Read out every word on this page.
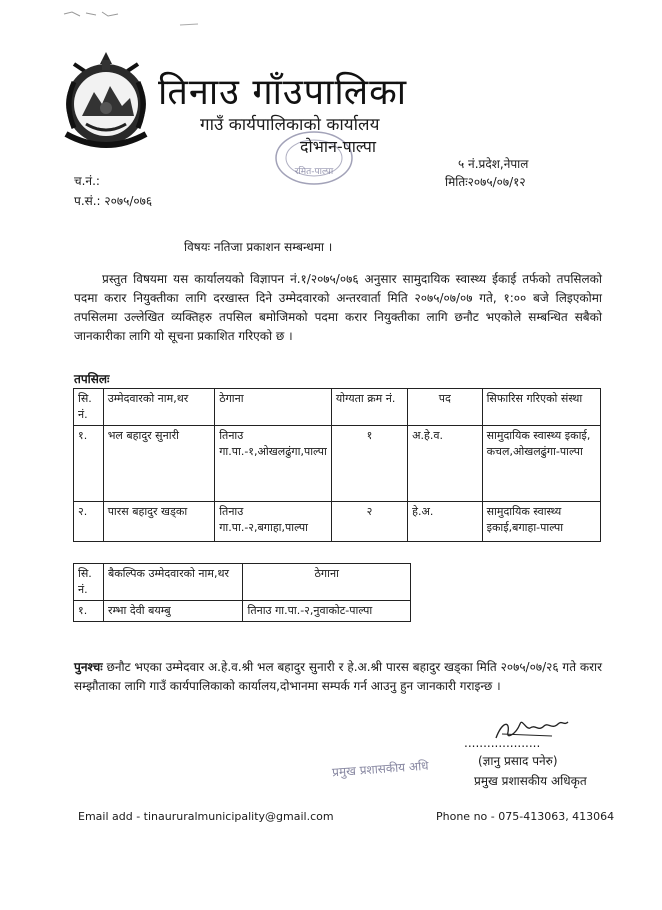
तिनाउ गाँउपालिका
गाउँ कार्यपालिकाको कार्यालय
रमित-पाल्पा
दोभान-पाल्पा
५ नं.प्रदेश,नेपाल
मितिः२०७५/०७/१२
च.नं.:
प.सं.: २०७५/०७६
विषयः नतिजा प्रकाशन सम्बन्धमा ।
प्रस्तुत विषयमा यस कार्यालयको विज्ञापन नं.१/२०७५/०७६ अनुसार सामुदायिक स्वास्थ्य ईकाई तर्फको तपसिलको पदमा करार नियुक्तीका लागि दरखास्त दिने उम्मेदवारको अन्तरवार्ता मिति २०७५/०७/०७ गते, १:०० बजे लिइएकोमा तपसिलमा उल्लेखित व्यक्तिहरु तपसिल बमोजिमको पदमा करार नियुक्तीका लागि छनौट भएकोले सम्बन्धित सबैको जानकारीका लागि यो सूचना प्रकाशित गरिएको छ ।
तपसिलः
सि. नं.	उम्मेदवारको नाम,थर	ठेगाना	योग्यता क्रम नं.	पद	सिफारिस गरिएको संस्था
१.	भल बहादुर सुनारी	तिनाउ गा.पा.-१,ओखलढुंगा,पाल्पा	१	अ.हे.व.	सामुदायिक स्वास्थ्य इकाई, कचल,ओखलढुंगा-पाल्पा
२.	पारस बहादुर खड्का	तिनाउ गा.पा.-२,बगाहा,पाल्पा	२	हे.अ.	सामुदायिक स्वास्थ्य इकाई,बगाहा-पाल्पा
सि. नं.	बैकल्पिक उम्मेदवारको नाम,थर	ठेगाना
१.	रम्भा देवी बयम्बु	तिनाउ गा.पा.-२,नुवाकोट-पाल्पा
पुनश्चः छनौट भएका उम्मेदवार अ.हे.व.श्री भल बहादुर सुनारी र हे.अ.श्री पारस बहादुर खड्का मिति २०७५/०७/२६ गते करार सम्झौताका लागि गाउँ कार्यपालिकाको कार्यालय,दोभानमा सम्पर्क गर्न आउनु हुन जानकारी गराइन्छ ।
प्रमुख प्रशासकीय अधि
....................
(ज्ञानु प्रसाद पनेरु)
प्रमुख प्रशासकीय अधिकृत
Email add - tinaururalmunicipality@gmail.com	Phone no - 075-413063, 413064
